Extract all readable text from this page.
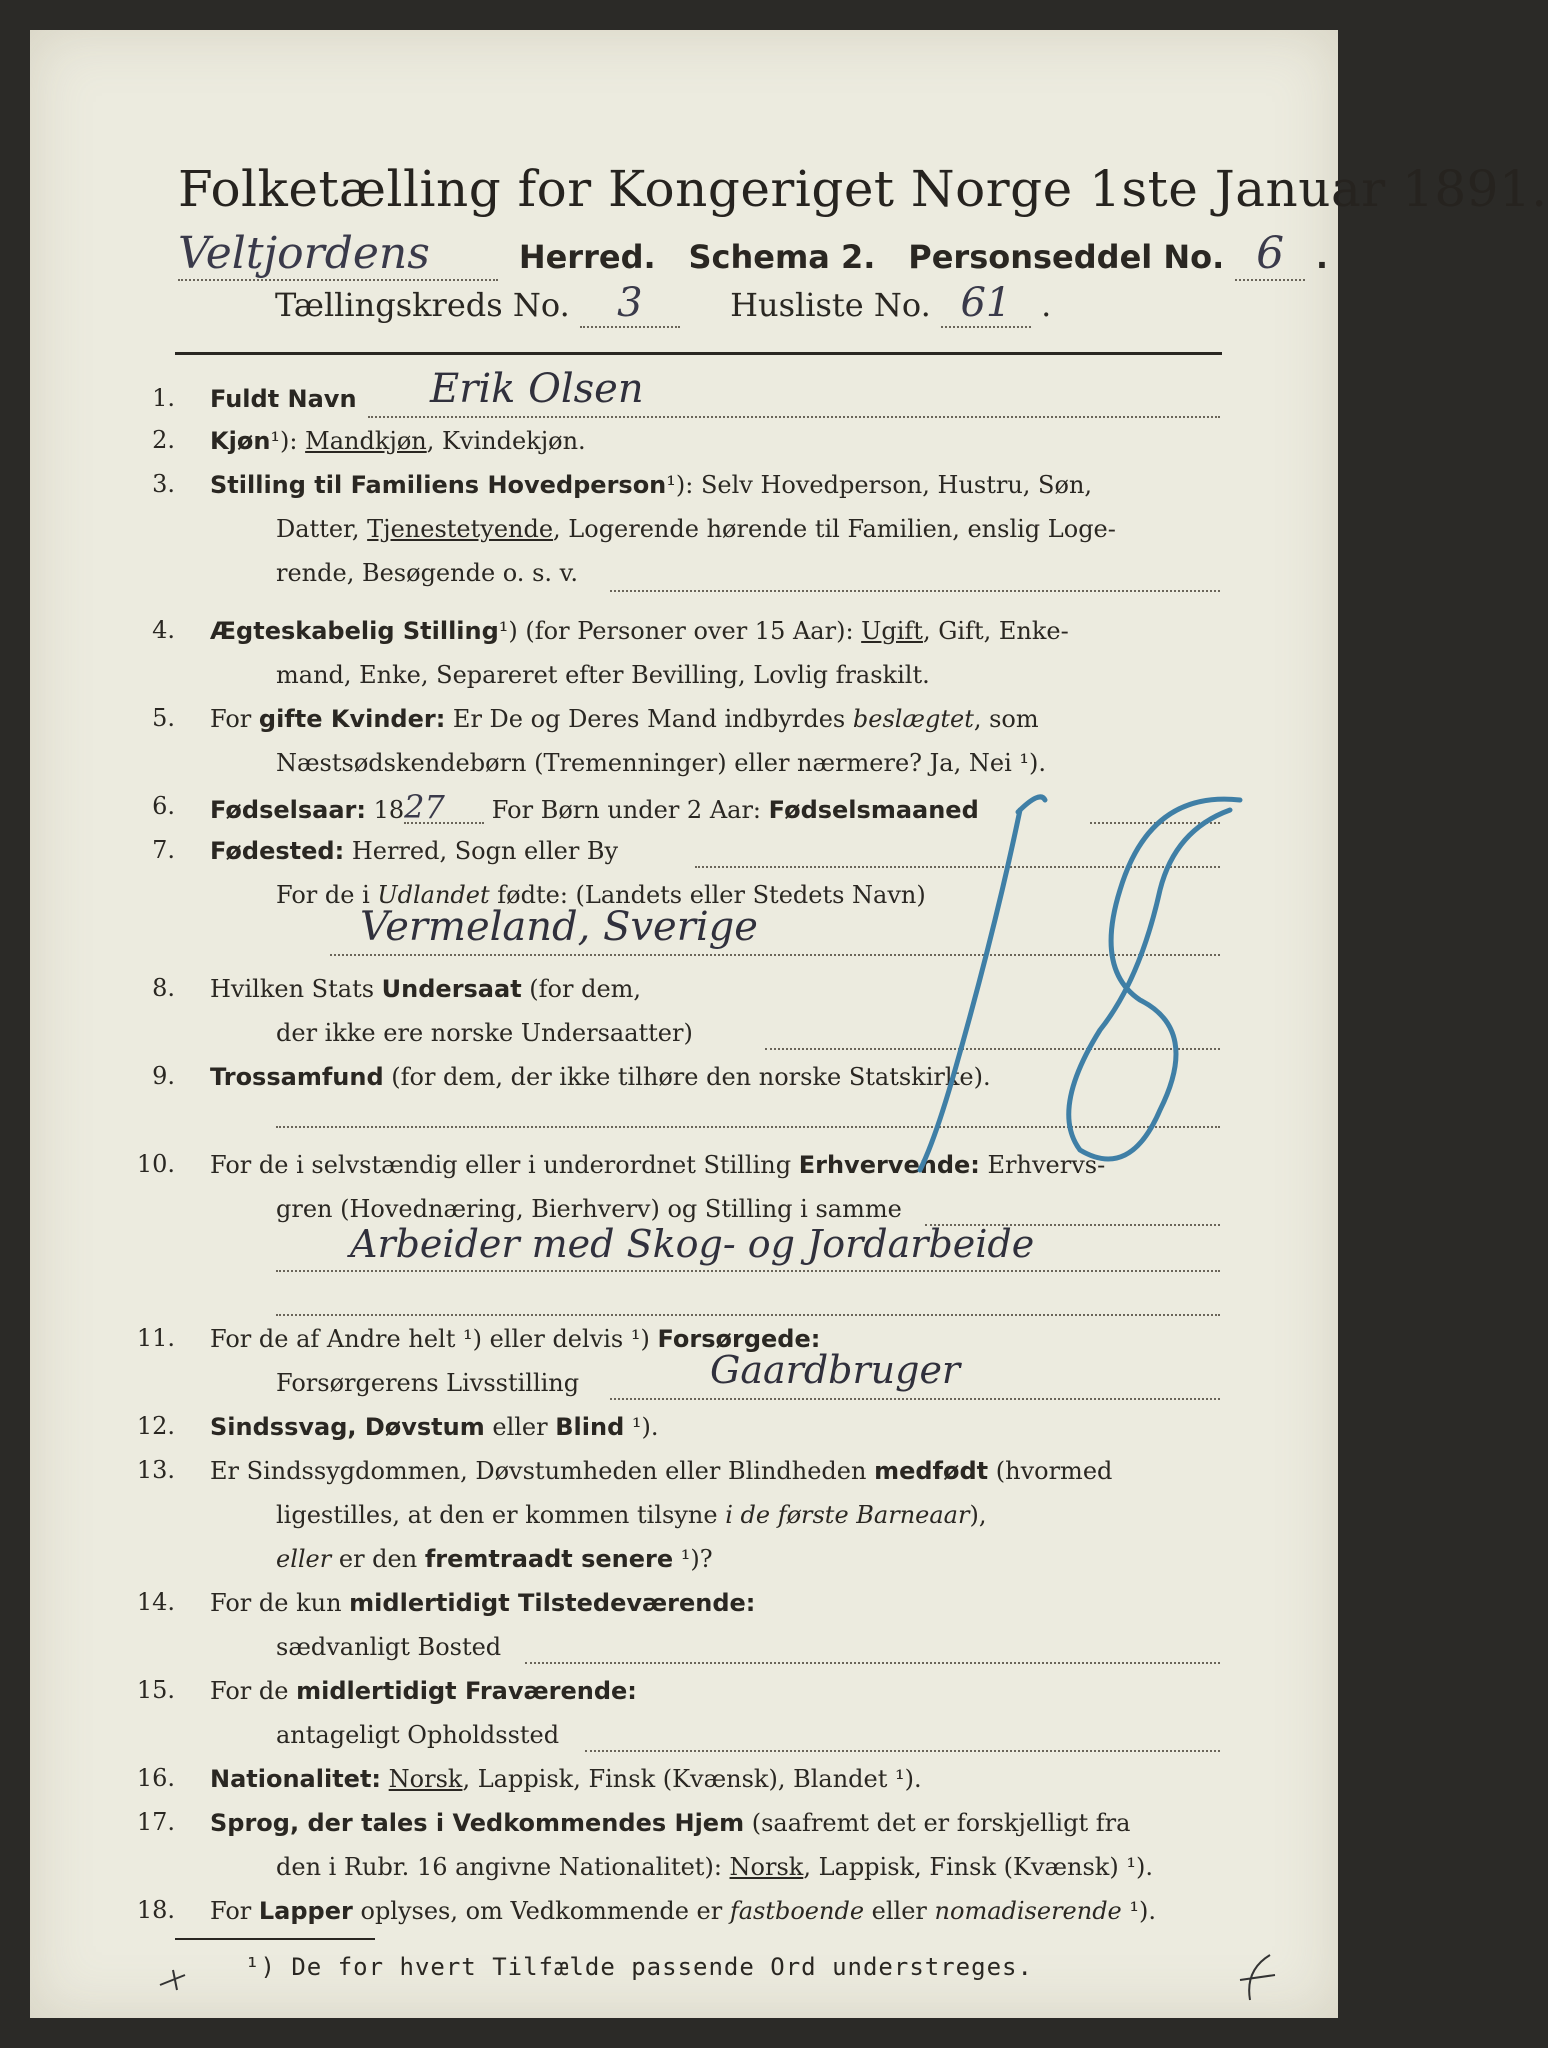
Folketælling for Kongeriget Norge 1ste Januar 1891.
Veltjordens	Herred. Schema 2. Personseddel No. 6 .
Tællingskreds No. 3	Husliste No. 61 .
1. Fuldt Navn Erik Olsen
2. Kjøn¹): Mandkjøn, Kvindekjøn.
3. Stilling til Familiens Hovedperson¹): Selv Hovedperson, Hustru, Søn,
Datter, Tjenestetyende, Logerende hørende til Familien, enslig Loge-
rende, Besøgende o. s. v.
4. Ægteskabelig Stilling¹) (for Personer over 15 Aar): Ugift, Gift, Enke-
mand, Enke, Separeret efter Bevilling, Lovlig fraskilt.
5. For gifte Kvinder: Er De og Deres Mand indbyrdes beslægtet, som
Næstsødskendebørn (Tremenninger) eller nærmere? Ja, Nei ¹).
6. Fødselsaar: 1827 For Børn under 2 Aar: Fødselsmaaned
7. Fødested: Herred, Sogn eller By
For de i Udlandet fødte: (Landets eller Stedets Navn)
Vermeland, Sverige
8. Hvilken Stats Undersaat (for dem,
der ikke ere norske Undersaatter)
9. Trossamfund (for dem, der ikke tilhøre den norske Statskirke).
10. For de i selvstændig eller i underordnet Stilling Erhvervende: Erhvervs-
gren (Hovednæring, Bierhverv) og Stilling i samme
Arbeider med Skog- og Jordarbeide
11. For de af Andre helt ¹) eller delvis ¹) Forsørgede:
Forsørgerens Livsstilling	Gaardbruger
12. Sindssvag, Døvstum eller Blind ¹).
13. Er Sindssygdommen, Døvstumheden eller Blindheden medfødt (hvormed
ligestilles, at den er kommen tilsyne i de første Barneaar),
eller er den fremtraadt senere ¹)?
14. For de kun midlertidigt Tilstedeværende:
sædvanligt Bosted
15. For de midlertidigt Fraværende:
antageligt Opholdssted
16. Nationalitet: Norsk, Lappisk, Finsk (Kvænsk), Blandet ¹).
17. Sprog, der tales i Vedkommendes Hjem (saafremt det er forskjelligt fra
den i Rubr. 16 angivne Nationalitet): Norsk, Lappisk, Finsk (Kvænsk) ¹).
18. For Lapper oplyses, om Vedkommende er fastboende eller nomadiserende ¹).
¹) De for hvert Tilfælde passende Ord understreges.
